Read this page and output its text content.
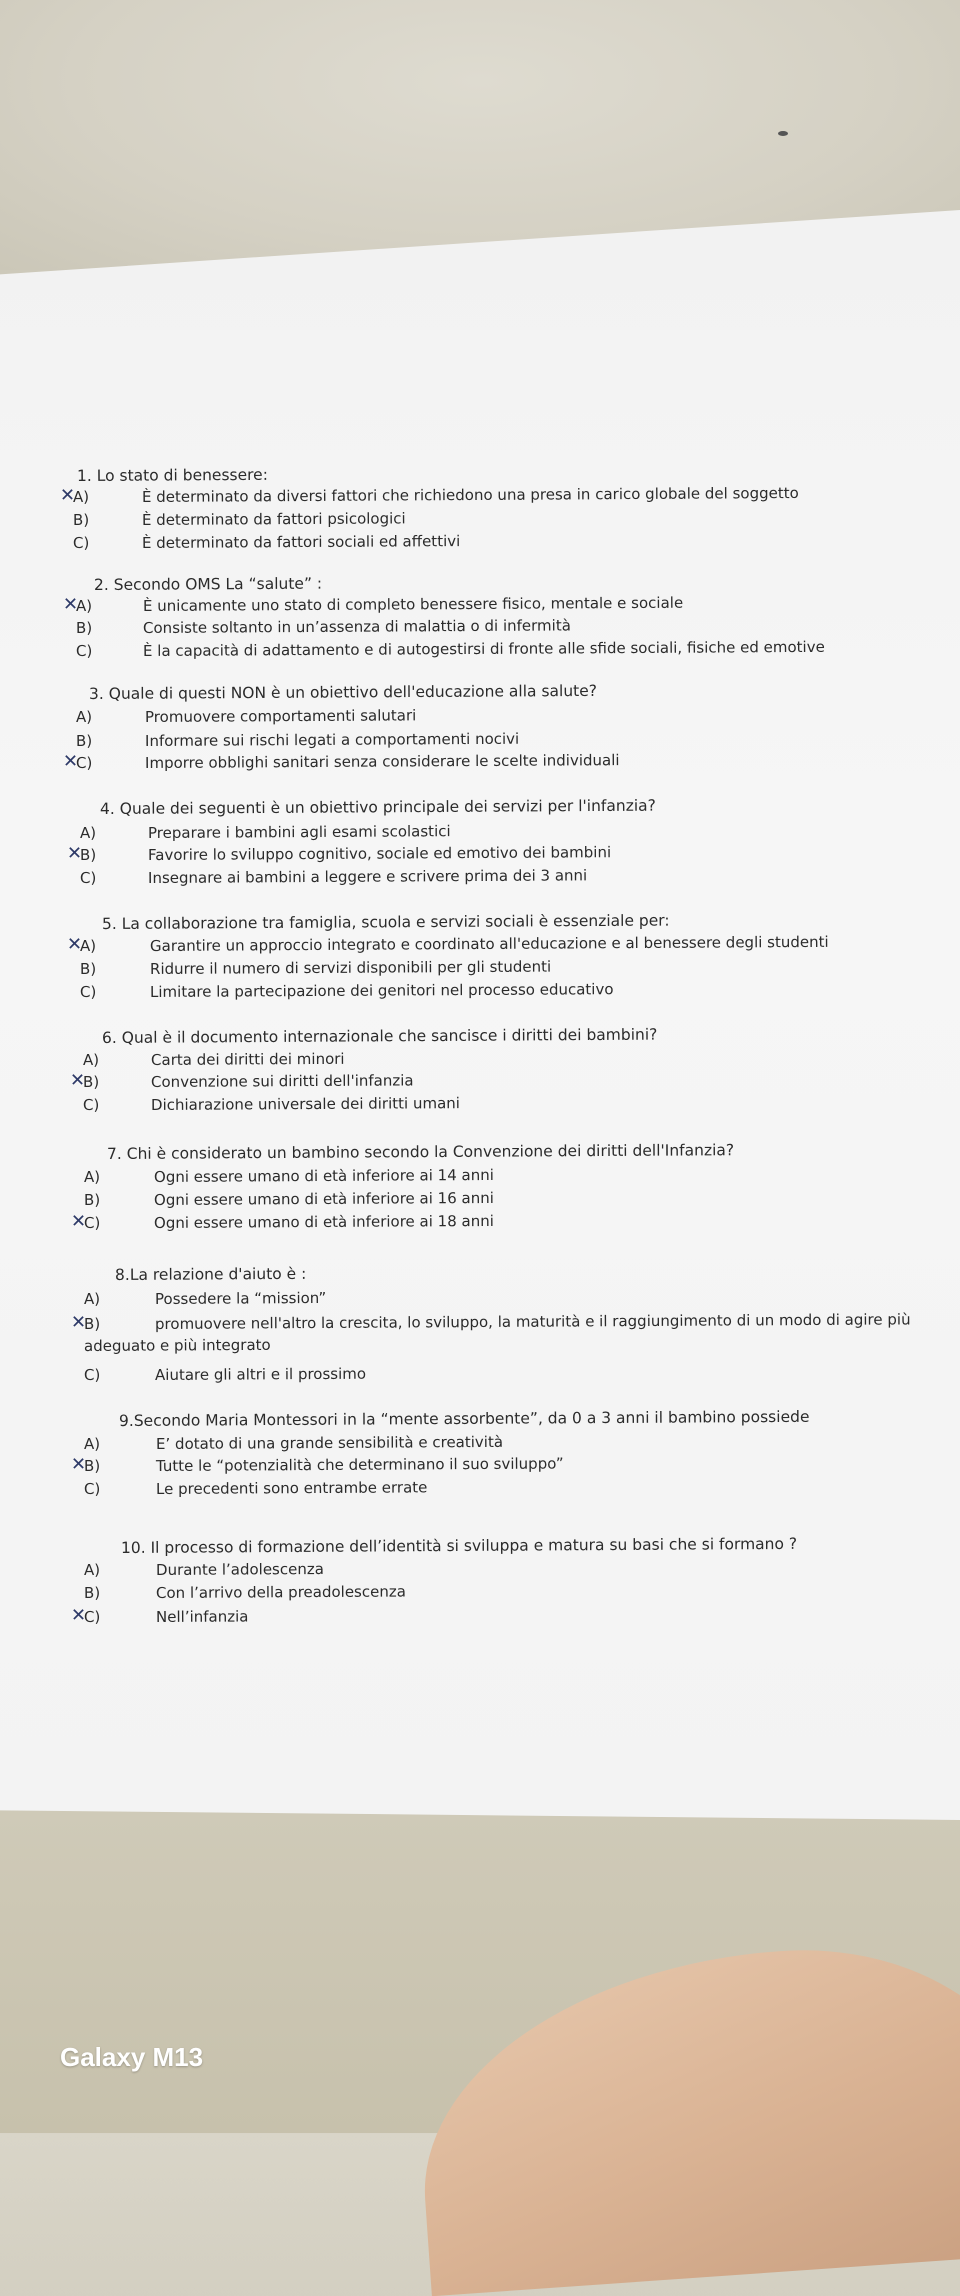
1. Lo stato di benessere:
A)
✕	È determinato da diversi fattori che richiedono una presa in carico globale del soggetto
B)	È determinato da fattori psicologici
C)	È determinato da fattori sociali ed affettivi
2. Secondo OMS La “salute” :
A)
✕	È unicamente uno stato di completo benessere fisico, mentale e sociale
B)	Consiste soltanto in un’assenza di malattia o di infermità
C)	È la capacità di adattamento e di autogestirsi di fronte alle sfide sociali, fisiche ed emotive
3. Quale di questi NON è un obiettivo dell'educazione alla salute?
A)	Promuovere comportamenti salutari
B)	Informare sui rischi legati a comportamenti nocivi
C)
✕	Imporre obblighi sanitari senza considerare le scelte individuali
4. Quale dei seguenti è un obiettivo principale dei servizi per l'infanzia?
A)	Preparare i bambini agli esami scolastici
B)
✕	Favorire lo sviluppo cognitivo, sociale ed emotivo dei bambini
C)	Insegnare ai bambini a leggere e scrivere prima dei 3 anni
5. La collaborazione tra famiglia, scuola e servizi sociali è essenziale per:
A)
✕	Garantire un approccio integrato e coordinato all'educazione e al benessere degli studenti
B)	Ridurre il numero di servizi disponibili per gli studenti
C)	Limitare la partecipazione dei genitori nel processo educativo
6. Qual è il documento internazionale che sancisce i diritti dei bambini?
A)	Carta dei diritti dei minori
B)
✕	Convenzione sui diritti dell'infanzia
C)	Dichiarazione universale dei diritti umani
7. Chi è considerato un bambino secondo la Convenzione dei diritti dell'Infanzia?
A)	Ogni essere umano di età inferiore ai 14 anni
B)	Ogni essere umano di età inferiore ai 16 anni
C)
✕	Ogni essere umano di età inferiore ai 18 anni
8.La relazione d'aiuto è :
A)	Possedere la “mission”
B)
✕	promuovere nell'altro la crescita, lo sviluppo, la maturità e il raggiungimento di un modo di agire più
adeguato e più integrato
C)	Aiutare gli altri e il prossimo
9.Secondo Maria Montessori in la “mente assorbente”, da 0 a 3 anni il bambino possiede
A)	E’ dotato di una grande sensibilità e creatività
B)
✕	Tutte le “potenzialità che determinano il suo sviluppo”
C)	Le precedenti sono entrambe errate
10. Il processo di formazione dell’identità si sviluppa e matura su basi che si formano ?
A)	Durante l’adolescenza
B)	Con l’arrivo della preadolescenza
C)
✕	Nell’infanzia
Galaxy M13
